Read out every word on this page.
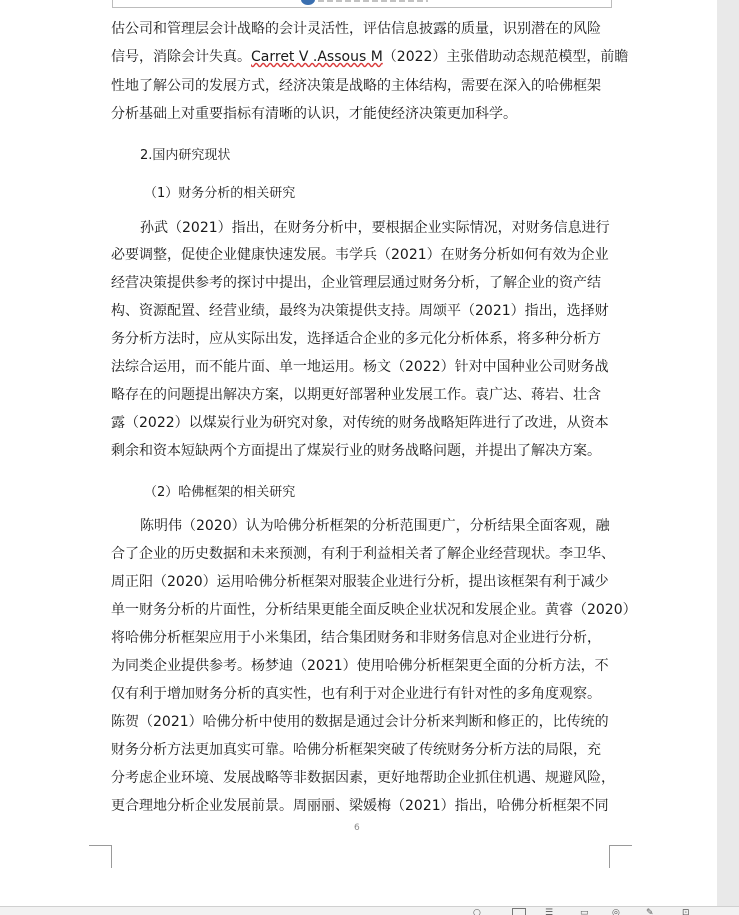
估公司和管理层会计战略的会计灵活性，评估信息披露的质量，识别潜在的风险
信号，消除会计失真。Carret V .Assous M（2022）主张借助动态规范模型，前瞻
性地了解公司的发展方式，经济决策是战略的主体结构，需要在深入的哈佛框架
分析基础上对重要指标有清晰的认识，才能使经济决策更加科学。
2.国内研究现状
（1）财务分析的相关研究
孙武（2021）指出，在财务分析中，要根据企业实际情况，对财务信息进行
必要调整，促使企业健康快速发展。韦学兵（2021）在财务分析如何有效为企业
经营决策提供参考的探讨中提出，企业管理层通过财务分析，了解企业的资产结
构、资源配置、经营业绩，最终为决策提供支持。周颂平（2021）指出，选择财
务分析方法时，应从实际出发，选择适合企业的多元化分析体系，将多种分析方
法综合运用，而不能片面、单一地运用。杨文（2022）针对中国种业公司财务战
略存在的问题提出解决方案，以期更好部署种业发展工作。袁广达、蒋岩、壮含
露（2022）以煤炭行业为研究对象，对传统的财务战略矩阵进行了改进，从资本
剩余和资本短缺两个方面提出了煤炭行业的财务战略问题，并提出了解决方案。
（2）哈佛框架的相关研究
陈明伟（2020）认为哈佛分析框架的分析范围更广，分析结果全面客观，融
合了企业的历史数据和未来预测，有利于利益相关者了解企业经营现状。李卫华、
周正阳（2020）运用哈佛分析框架对服装企业进行分析，提出该框架有利于减少
单一财务分析的片面性，分析结果更能全面反映企业状况和发展企业。黄睿（2020）
将哈佛分析框架应用于小米集团，结合集团财务和非财务信息对企业进行分析，
为同类企业提供参考。杨梦迪（2021）使用哈佛分析框架更全面的分析方法，不
仅有利于增加财务分析的真实性，也有利于对企业进行有针对性的多角度观察。
陈贺（2021）哈佛分析中使用的数据是通过会计分析来判断和修正的，比传统的
财务分析方法更加真实可靠。哈佛分析框架突破了传统财务分析方法的局限，充
分考虑企业环境、发展战略等非数据因素，更好地帮助企业抓住机遇、规避风险，
更合理地分析企业发展前景。周丽丽、梁媛梅（2021）指出，哈佛分析框架不同
6
○	☰	▭	◎	✎	⊡
